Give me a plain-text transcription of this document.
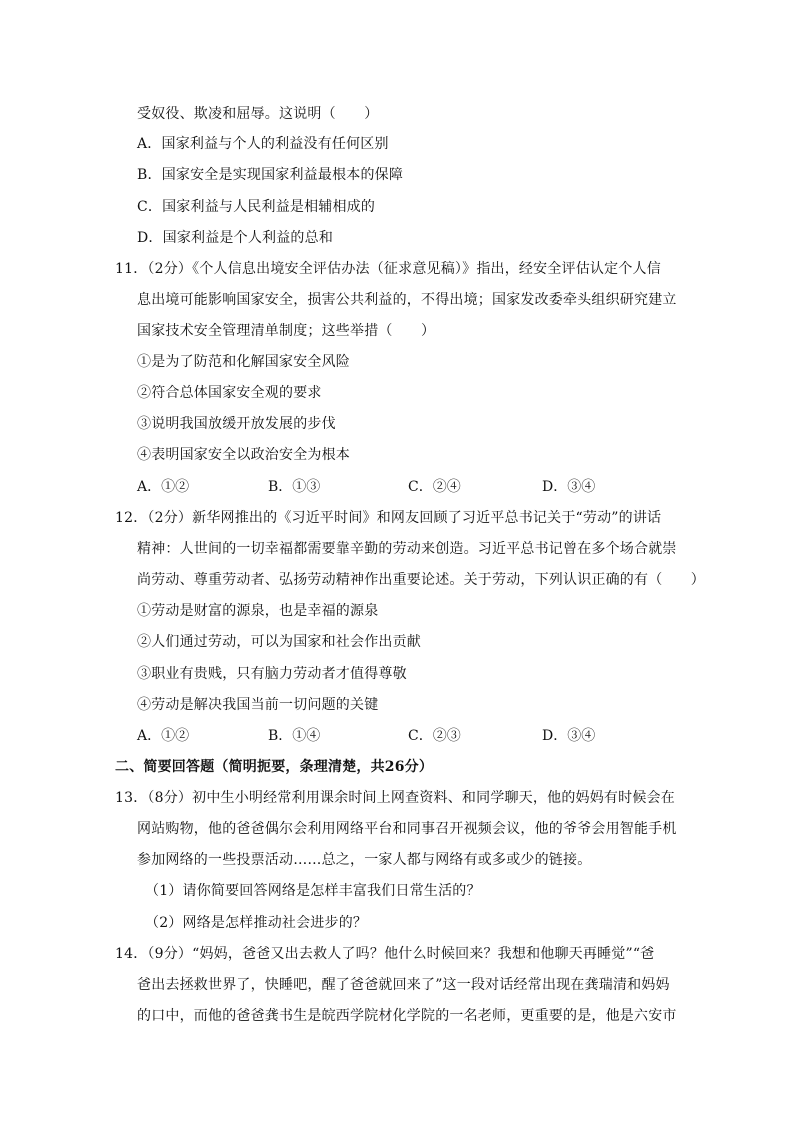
受奴役、欺凌和屈辱。这说明（　　）
A．国家利益与个人的利益没有任何区别
B．国家安全是实现国家利益最根本的保障
C．国家利益与人民利益是相辅相成的
D．国家利益是个人利益的总和
11．（2分）《个人信息出境安全评估办法（征求意见稿）》指出，经安全评估认定个人信
息出境可能影响国家安全，损害公共利益的，不得出境；国家发改委牵头组织研究建立
国家技术安全管理清单制度；这些举措（　　）
①是为了防范和化解国家安全风险
②符合总体国家安全观的要求
③说明我国放缓开放发展的步伐
④表明国家安全以政治安全为根本
A．①②	B．①③	C．②④	D．③④
12．（2分）新华网推出的《习近平时间》和网友回顾了习近平总书记关于“劳动”的讲话
精神：人世间的一切幸福都需要靠辛勤的劳动来创造。习近平总书记曾在多个场合就崇
尚劳动、尊重劳动者、弘扬劳动精神作出重要论述。关于劳动，下列认识正确的有（　　）
①劳动是财富的源泉，也是幸福的源泉
②人们通过劳动，可以为国家和社会作出贡献
③职业有贵贱，只有脑力劳动者才值得尊敬
④劳动是解决我国当前一切问题的关键
A．①②	B．①④	C．②③	D．③④
二、简要回答题（简明扼要，条理清楚，共26分）
13．（8分）初中生小明经常利用课余时间上网查资料、和同学聊天，他的妈妈有时候会在
网站购物，他的爸爸偶尔会利用网络平台和同事召开视频会议，他的爷爷会用智能手机
参加网络的一些投票活动……总之，一家人都与网络有或多或少的链接。
（1）请你简要回答网络是怎样丰富我们日常生活的？
（2）网络是怎样推动社会进步的？
14．（9分）“妈妈，爸爸又出去救人了吗？他什么时候回来？我想和他聊天再睡觉”“爸
爸出去拯救世界了，快睡吧，醒了爸爸就回来了”这一段对话经常出现在龚瑞清和妈妈
的口中，而他的爸爸龚书生是皖西学院材化学院的一名老师，更重要的是，他是六安市
